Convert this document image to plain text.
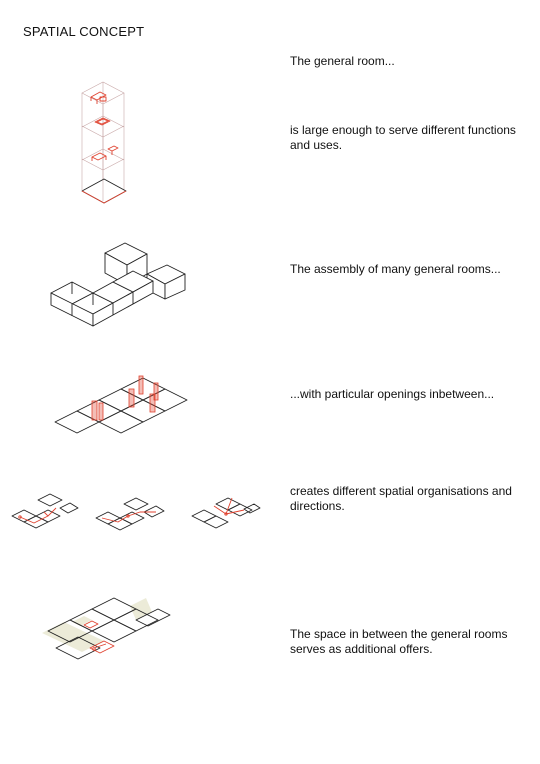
SPATIAL CONCEPT
The general room...
is large enough to serve different functions and uses.
The assembly of many general rooms...
...with particular openings inbetween...
creates different spatial organisations and directions.
The space in between the general rooms serves as additional offers.
